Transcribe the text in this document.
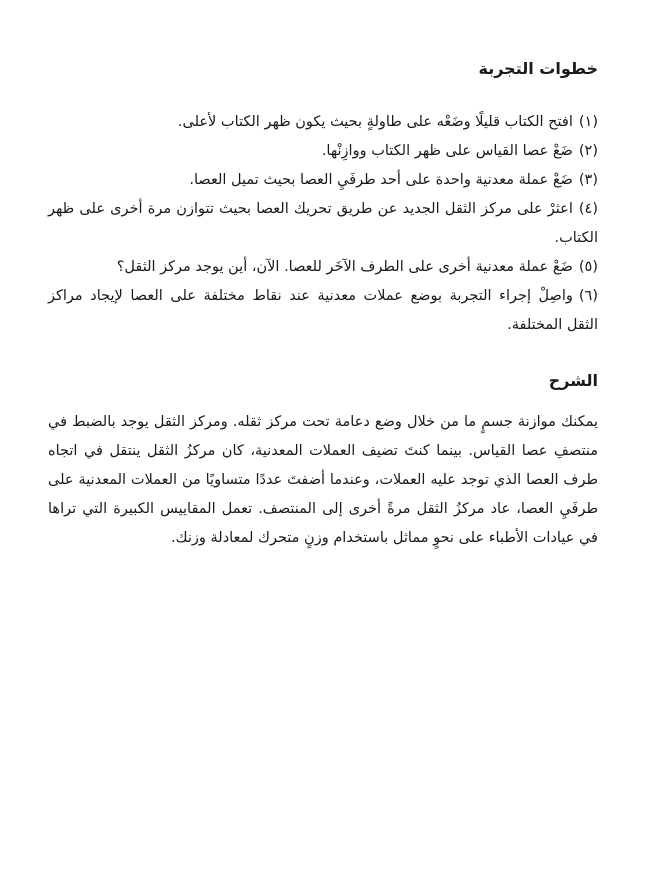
خطوات التجربة
(١)افتح الكتاب قليلًا وضَعْه على طاولةٍ بحيث يكون ظهر الكتاب لأعلى.
(٢)ضَعْ عصا القياس على ظهر الكتاب ووازِنْها.
(٣)ضَعْ عملة معدنية واحدة على أحد طرفَيِ العصا بحيث تميل العصا.
(٤)اعثرْ على مركز الثقل الجديد عن طريق تحريك العصا بحيث تتوازن مرة أخرى على ظهر الكتاب.
(٥)ضَعْ عملة معدنية أخرى على الطرف الآخَر للعصا. الآن، أين يوجد مركز الثقل؟
(٦)واصِلْ إجراء التجربة بوضع عملات معدنية عند نقاط مختلفة على العصا لإيجاد مراكز الثقل المختلفة.
الشرح

يمكنك موازنة جسمٍ ما من خلال وضع دعامة تحت مركز ثقله. ومركز الثقل يوجد بالضبط في منتصفِ عصا القياس. بينما كنتَ تضيف العملات المعدنية، كان مركزُ الثقل ينتقل في اتجاه طرف العصا الذي توجد عليه العملات، وعندما أضفتَ عددًا متساويًا من العملات المعدنية على طرفَيِ العصا، عاد مركزُ الثقل مرةً أخرى إلى المنتصف. تعمل المقاييس الكبيرة التي تراها في عيادات الأطباء على نحوٍ مماثل باستخدام وزنٍ متحرك لمعادلة وزنك.
